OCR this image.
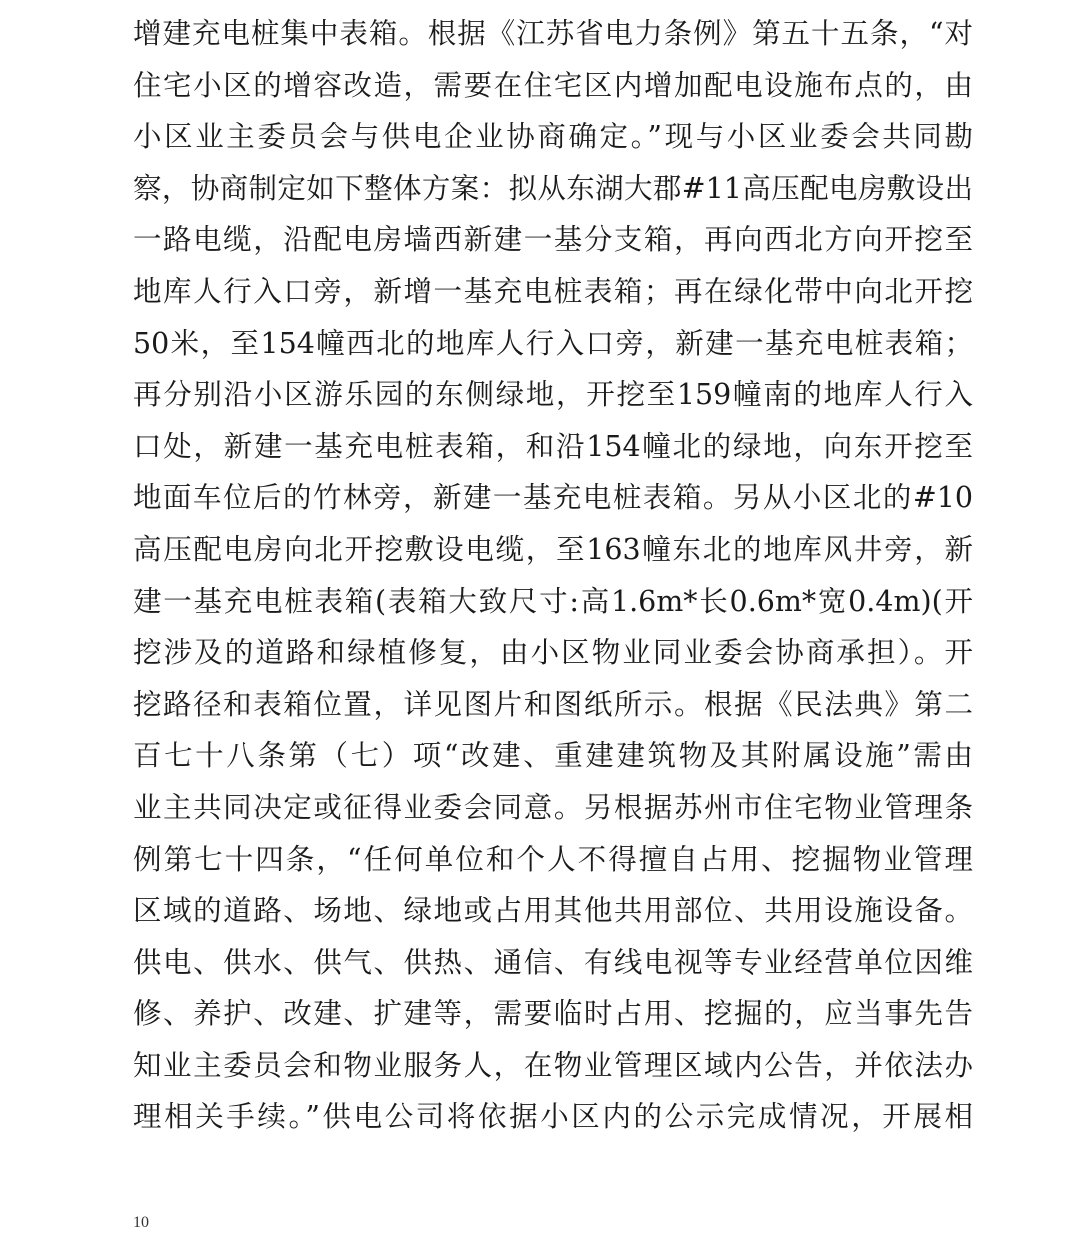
增建充电桩集中表箱。根据《江苏省电力条例》第五十五条，“对
住宅小区的增容改造，需要在住宅区内增加配电设施布点的，由
小区业主委员会与供电企业协商确定。”现与小区业委会共同勘
察，协商制定如下整体方案：拟从东湖大郡#11高压配电房敷设出
一路电缆，沿配电房墙西新建一基分支箱，再向西北方向开挖至
地库人行入口旁，新增一基充电桩表箱；再在绿化带中向北开挖
50米，至154幢西北的地库人行入口旁，新建一基充电桩表箱；
再分别沿小区游乐园的东侧绿地，开挖至159幢南的地库人行入
口处，新建一基充电桩表箱，和沿154幢北的绿地，向东开挖至
地面车位后的竹林旁，新建一基充电桩表箱。另从小区北的#10
高压配电房向北开挖敷设电缆，至163幢东北的地库风井旁，新
建一基充电桩表箱(表箱大致尺寸:高1.6m*长0.6m*宽0.4m)(开
挖涉及的道路和绿植修复，由小区物业同业委会协商承担）。开
挖路径和表箱位置，详见图片和图纸所示。根据《民法典》第二
百七十八条第（七）项“改建、重建建筑物及其附属设施”需由
业主共同决定或征得业委会同意。另根据苏州市住宅物业管理条
例第七十四条，“任何单位和个人不得擅自占用、挖掘物业管理
区域的道路、场地、绿地或占用其他共用部位、共用设施设备。
供电、供水、供气、供热、通信、有线电视等专业经营单位因维
修、养护、改建、扩建等，需要临时占用、挖掘的，应当事先告
知业主委员会和物业服务人，在物业管理区域内公告，并依法办
理相关手续。”供电公司将依据小区内的公示完成情况，开展相
10
